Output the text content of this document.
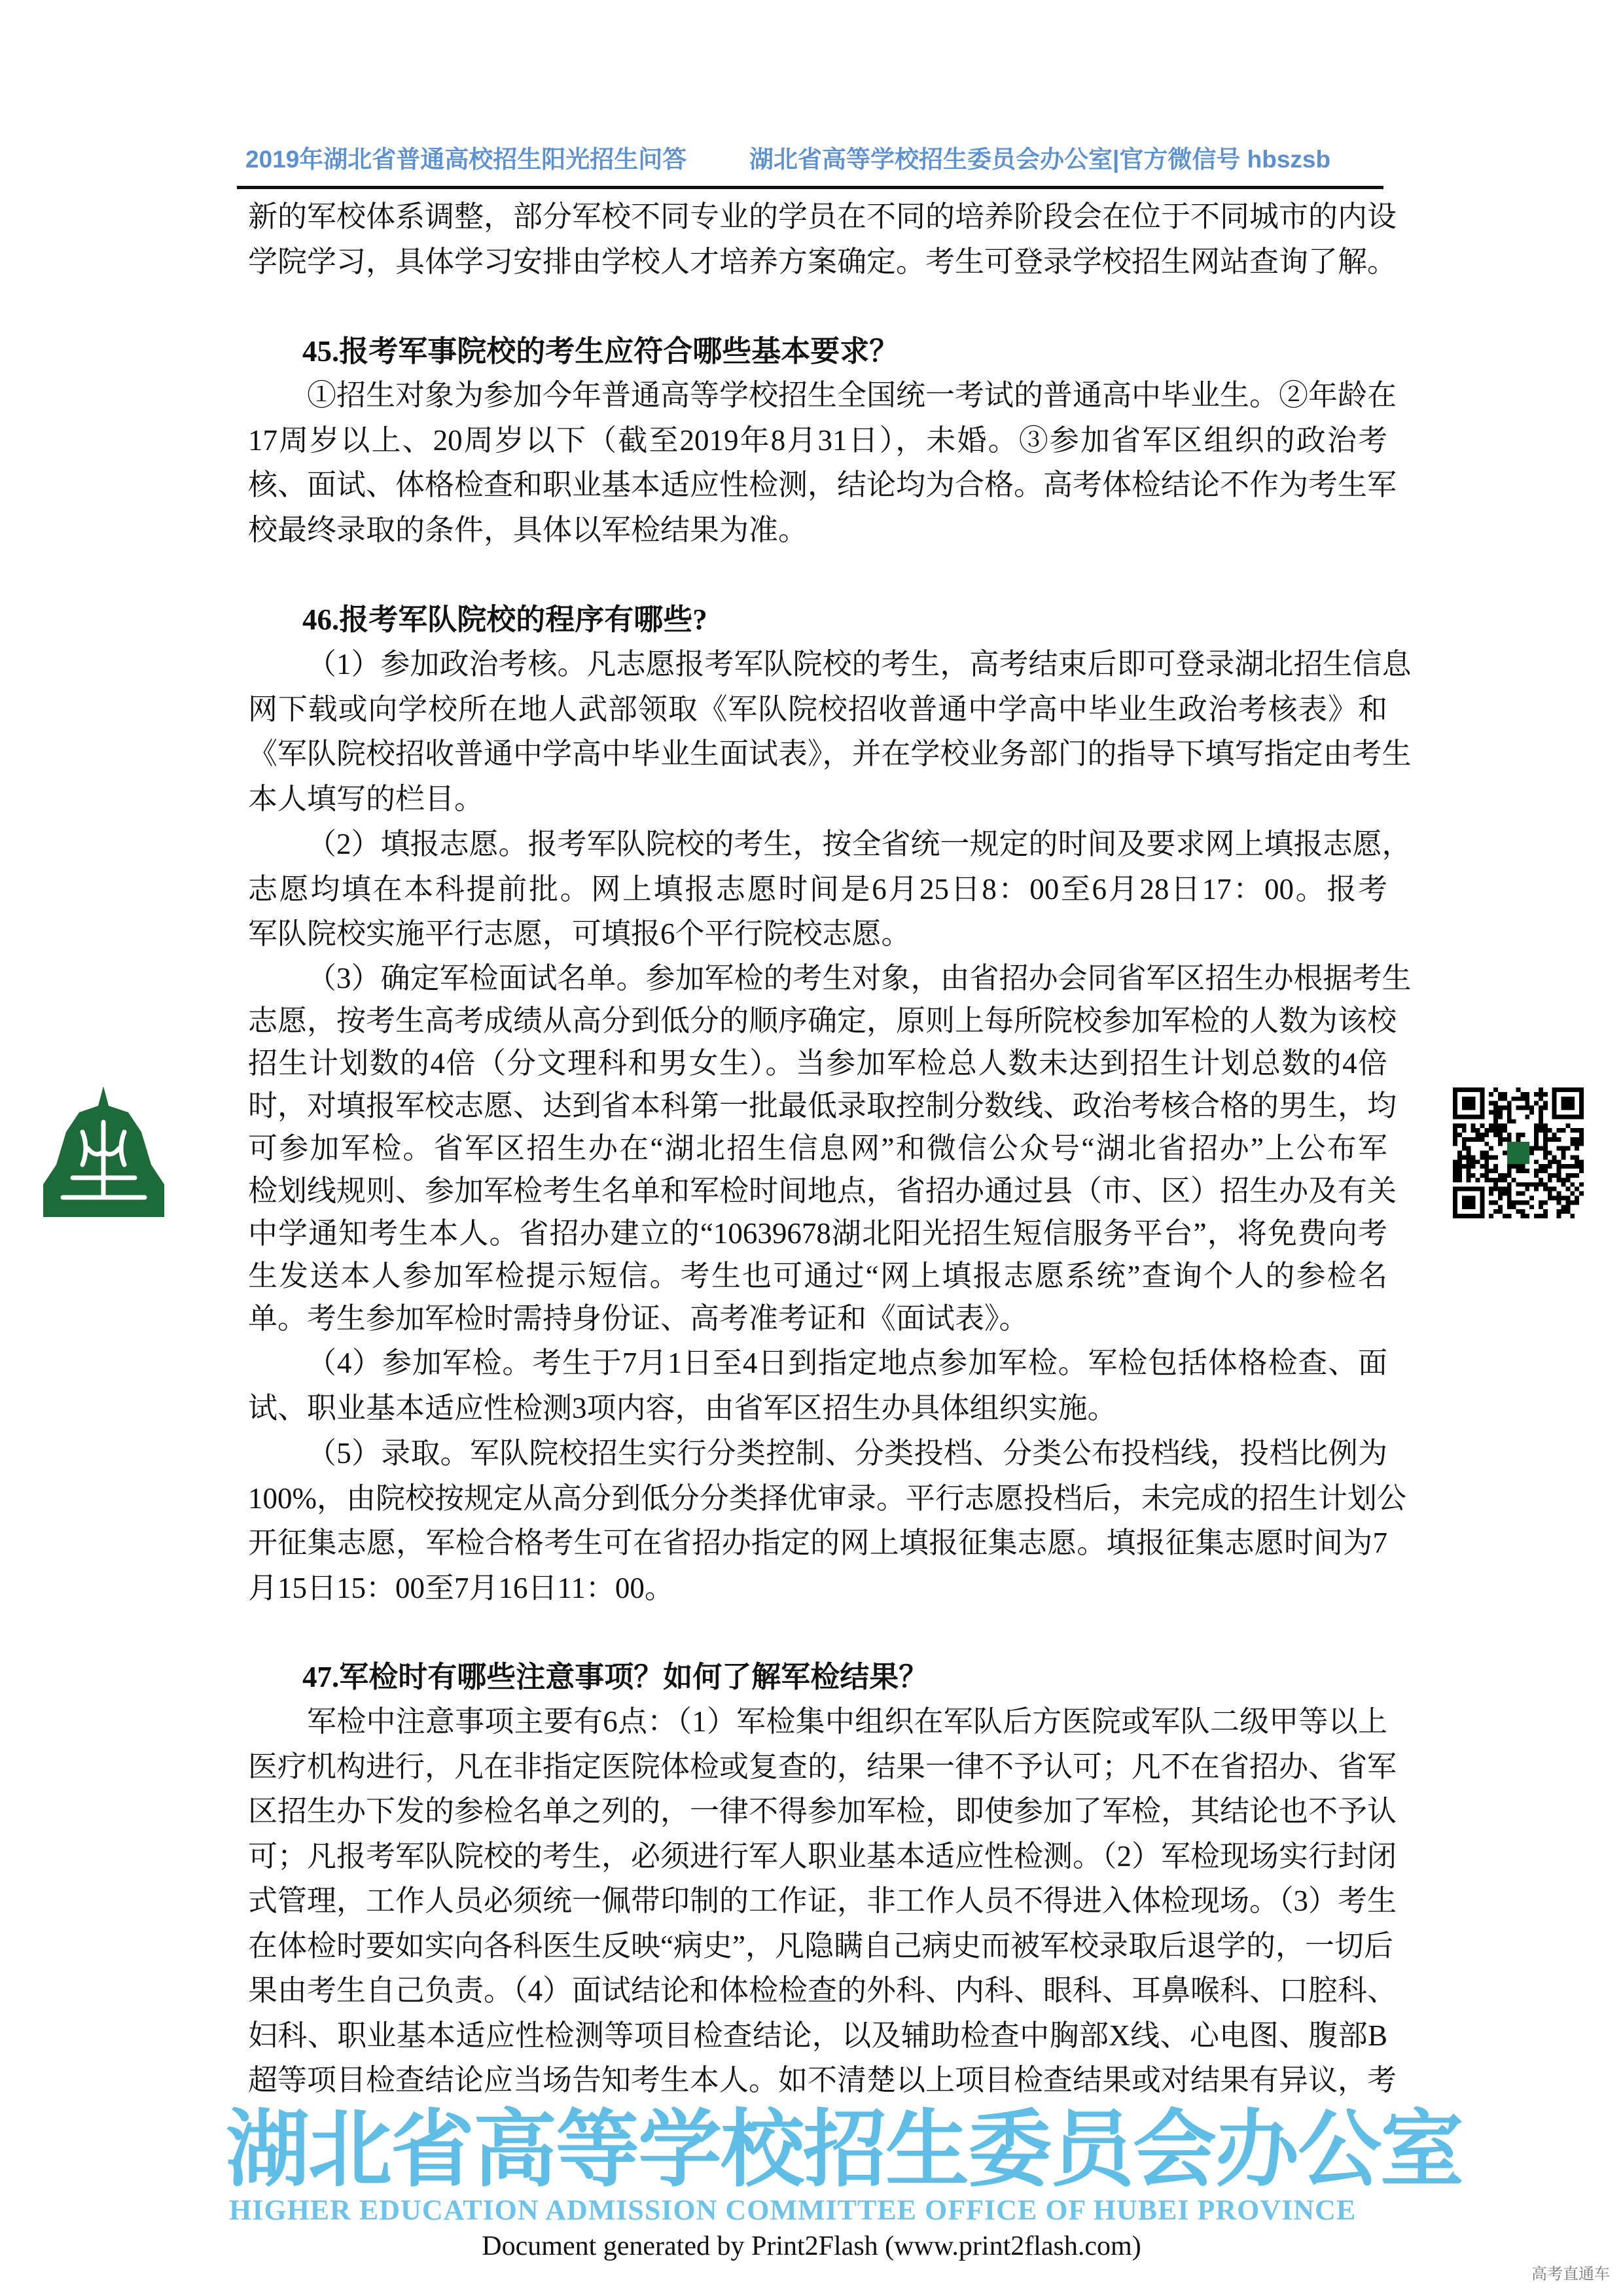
2019年湖北省普通高校招生阳光招生问答	湖北省高等学校招生委员会办公室|官方微信号 hbszsb
新的军校体系调整，部分军校不同专业的学员在不同的培养阶段会在位于不同城市的内设
学院学习，具体学习安排由学校人才培养方案确定。考生可登录学校招生网站查询了解。
45.报考军事院校的考生应符合哪些基本要求？
①招生对象为参加今年普通高等学校招生全国统一考试的普通高中毕业生。②年龄在
17周岁以上、20周岁以下（截至2019年8月31日），未婚。③参加省军区组织的政治考
核、面试、体格检查和职业基本适应性检测，结论均为合格。高考体检结论不作为考生军
校最终录取的条件，具体以军检结果为准。
46.报考军队院校的程序有哪些?
（1）参加政治考核。凡志愿报考军队院校的考生，高考结束后即可登录湖北招生信息
网下载或向学校所在地人武部领取《军队院校招收普通中学高中毕业生政治考核表》和
《军队院校招收普通中学高中毕业生面试表》，并在学校业务部门的指导下填写指定由考生
本人填写的栏目。
（2）填报志愿。报考军队院校的考生，按全省统一规定的时间及要求网上填报志愿，
志愿均填在本科提前批。网上填报志愿时间是6月25日8：00至6月28日17：00。报考
军队院校实施平行志愿，可填报6个平行院校志愿。
（3）确定军检面试名单。参加军检的考生对象，由省招办会同省军区招生办根据考生
志愿，按考生高考成绩从高分到低分的顺序确定，原则上每所院校参加军检的人数为该校
招生计划数的4倍（分文理科和男女生）。当参加军检总人数未达到招生计划总数的4倍
时，对填报军校志愿、达到省本科第一批最低录取控制分数线、政治考核合格的男生，均
可参加军检。省军区招生办在“湖北招生信息网”和微信公众号“湖北省招办”上公布军
检划线规则、参加军检考生名单和军检时间地点，省招办通过县（市、区）招生办及有关
中学通知考生本人。省招办建立的“10639678湖北阳光招生短信服务平台”，将免费向考
生发送本人参加军检提示短信。考生也可通过“网上填报志愿系统”查询个人的参检名
单。考生参加军检时需持身份证、高考准考证和《面试表》。
（4）参加军检。考生于7月1日至4日到指定地点参加军检。军检包括体格检查、面
试、职业基本适应性检测3项内容，由省军区招生办具体组织实施。
（5）录取。军队院校招生实行分类控制、分类投档、分类公布投档线，投档比例为
100%，由院校按规定从高分到低分分类择优审录。平行志愿投档后，未完成的招生计划公
开征集志愿，军检合格考生可在省招办指定的网上填报征集志愿。填报征集志愿时间为7
月15日15：00至7月16日11：00。
47.军检时有哪些注意事项？如何了解军检结果？
军检中注意事项主要有6点：（1）军检集中组织在军队后方医院或军队二级甲等以上
医疗机构进行，凡在非指定医院体检或复查的，结果一律不予认可；凡不在省招办、省军
区招生办下发的参检名单之列的，一律不得参加军检，即使参加了军检，其结论也不予认
可；凡报考军队院校的考生，必须进行军人职业基本适应性检测。（2）军检现场实行封闭
式管理，工作人员必须统一佩带印制的工作证，非工作人员不得进入体检现场。（3）考生
在体检时要如实向各科医生反映“病史”，凡隐瞒自己病史而被军校录取后退学的，一切后
果由考生自己负责。（4）面试结论和体检检查的外科、内科、眼科、耳鼻喉科、口腔科、
妇科、职业基本适应性检测等项目检查结论，以及辅助检查中胸部X线、心电图、腹部B
超等项目检查结论应当场告知考生本人。如不清楚以上项目检查结果或对结果有异议，考
湖北省高等学校招生委员会办公室
HIGHER EDUCATION ADMISSION COMMITTEE OFFICE OF HUBEI PROVINCE
Document generated by Print2Flash (www.print2flash.com)
高考直通车
